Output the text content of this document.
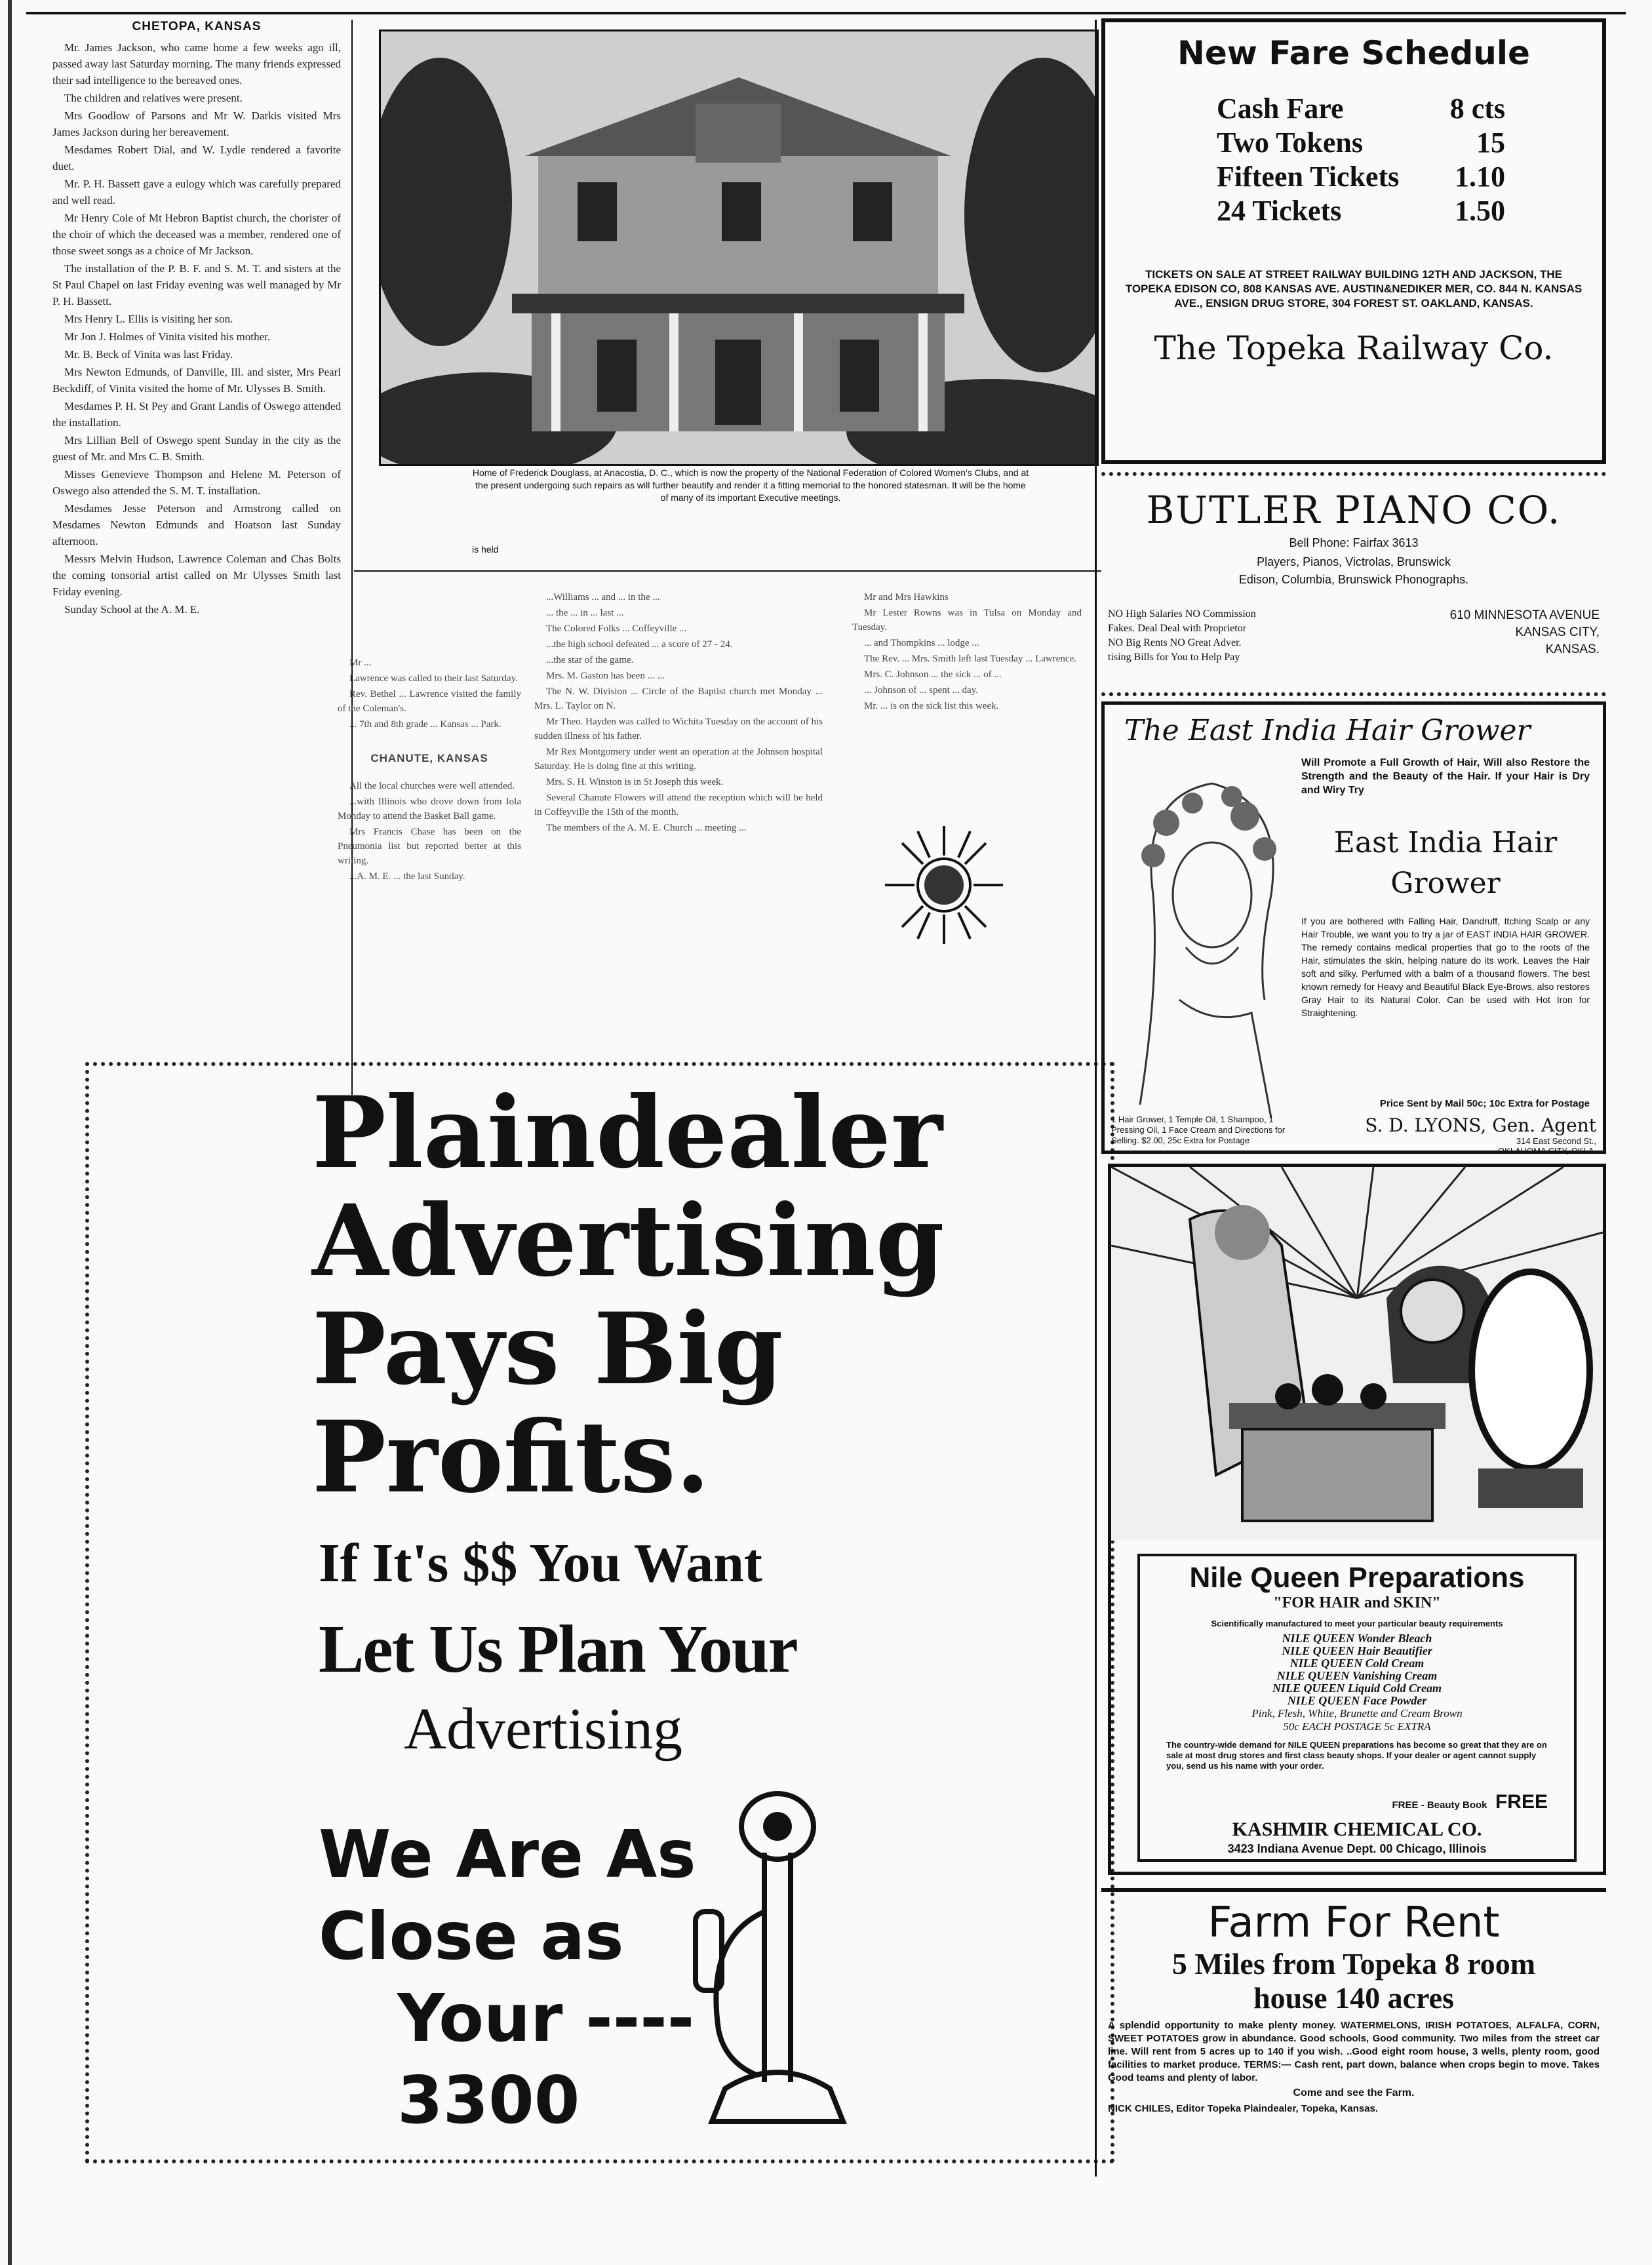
CHETOPA, KANSAS

Mr. James Jackson, who came home a few weeks ago ill, passed away last Saturday morning. The many friends expressed their sad intelligence to the bereaved ones.

The children and relatives were present.

Mrs Goodlow of Parsons and Mr W. Darkis visited Mrs James Jackson during her bereavement.

Mesdames Robert Dial, and W. Lydle rendered a favorite duet.

Mr. P. H. Bassett gave a eulogy which was carefully prepared and well read.

Mr Henry Cole of Mt Hebron Baptist church, the chorister of the choir of which the deceased was a member, rendered one of those sweet songs as a choice of Mr Jackson.

The installation of the P. B. F. and S. M. T. and sisters at the St Paul Chapel on last Friday evening was well managed by Mr P. H. Bassett.

Mrs Henry L. Ellis is visiting her son.

Mr Jon J. Holmes of Vinita visited his mother.

Mr. B. Beck of Vinita was last Friday.

Mrs Newton Edmunds, of Danville, Ill. and sister, Mrs Pearl Beckdiff, of Vinita visited the home of Mr. Ulysses B. Smith.

Mesdames P. H. St Pey and Grant Landis of Oswego attended the installation.

Mrs Lillian Bell of Oswego spent Sunday in the city as the guest of Mr. and Mrs C. B. Smith.

Misses Genevieve Thompson and Helene M. Peterson of Oswego also attended the S. M. T. installation.

Mesdames Jesse Peterson and Armstrong called on Mesdames Newton Edmunds and Hoatson last Sunday afternoon.

Messrs Melvin Hudson, Lawrence Coleman and Chas Bolts the coming tonsorial artist called on Mr Ulysses Smith last Friday evening.

Sunday School at the A. M. E.

Home of Frederick Douglass, at Anacostia, D. C., which is now the property of the National Federation of Colored Women's Clubs, and at the present undergoing such repairs as will further beautify and render it a fitting memorial to the honored statesman. It will be the home of many of its important Executive meetings.
is held

Mr ...

Lawrence was called to their last Saturday.

Rev. Bethel ... Lawrence visited the family of the Coleman's.

... 7th and 8th grade ... Kansas ... Park.

CHANUTE, KANSAS

All the local churches were well attended.

...with Illinois who drove down from Iola Monday to attend the Basket Ball game.

Mrs Francis Chase has been on the Pneumonia list but reported better at this writing.

...A. M. E. ... the last Sunday.

...Williams ... and ... in the ...

... the ... in ... last ...

The Colored Folks ... Coffeyville ...

...the high school defeated ... a score of 27 - 24.

...the star of the game.

Mrs. M. Gaston has been ... ...

The N. W. Division ... Circle of the Baptist church met Monday ... Mrs. L. Taylor on N.

Mr Theo. Hayden was called to Wichita Tuesday on the account of his sudden illness of his father.

Mr Rex Montgomery under went an operation at the Johnson hospital Saturday. He is doing fine at this writing.

Mrs. S. H. Winston is in St Joseph this week.

Several Chanute Flowers will attend the reception which will be held in Coffeyville the 15th of the month.

The members of the A. M. E. Church ... meeting ...

Mr and Mrs Hawkins

Mr Lester Rowns was in Tulsa on Monday and Tuesday.

... and Thompkins ... lodge ...

The Rev. ... Mrs. Smith left last Tuesday ... Lawrence.

Mrs. C. Johnson ... the sick ... of ...

... Johnson of ... spent ... day.

Mr. ... is on the sick list this week.

Plaindealer
Advertising
Pays Big
Profits.
If It's $$ You Want
Let Us Plan Your
Advertising
We Are As
Close as
Your ----
3300
New Fare Schedule
Cash Fare	8 cts
Two Tokens	15
Fifteen Tickets 1.10
24 Tickets	1.50
TICKETS ON SALE AT STREET RAILWAY BUILDING 12TH AND JACKSON, THE TOPEKA EDISON CO, 808 KANSAS AVE. AUSTIN&NEDIKER MER, CO. 844 N. KANSAS AVE., ENSIGN DRUG STORE, 304 FOREST ST. OAKLAND, KANSAS.
The Topeka Railway Co.
BUTLER PIANO CO.
Bell Phone: Fairfax 3613
Players, Pianos, Victrolas, Brunswick
Edison, Columbia, Brunswick Phonographs.
NO High Salaries NO Commission
Fakes. Deal Deal with Proprietor
NO Big Rents NO Great Adver.
tising Bills for You to Help Pay
610 MINNESOTA AVENUE
KANSAS CITY,
KANSAS.
The East India Hair Grower
Will Promote a Full Growth of Hair, Will also Restore the Strength and the Beauty of the Hair. If your Hair is Dry and Wiry Try
East India Hair
Grower
If you are bothered with Falling Hair, Dandruff, Itching Scalp or any Hair Trouble, we want you to try a jar of EAST INDIA HAIR GROWER. The remedy contains medical properties that go to the roots of the Hair, stimulates the skin, helping nature do its work. Leaves the Hair soft and silky. Perfumed with a balm of a thousand flowers. The best known remedy for Heavy and Beautiful Black Eye-Brows, also restores Gray Hair to its Natural Color. Can be used with Hot Iron for Straightening.
Price Sent by Mail 50c; 10c Extra for Postage
1 Hair Grower, 1 Temple Oil, 1 Shampoo, 1 Pressing Oil, 1 Face Cream and Directions for Selling. $2.00, 25c Extra for Postage
S. D. LYONS, Gen. Agent
314 East Second St.,
OKLAHOMA CITY, OKLA.
Nile Queen Preparations
"FOR HAIR and SKIN"
Scientifically manufactured to meet your particular beauty requirements
NILE QUEEN Wonder Bleach
NILE QUEEN Hair Beautifier
NILE QUEEN Cold Cream
NILE QUEEN Vanishing Cream
NILE QUEEN Liquid Cold Cream
NILE QUEEN Face Powder
Pink, Flesh, White, Brunette and Cream Brown
50c EACH POSTAGE 5c EXTRA
The country-wide demand for NILE QUEEN preparations has become so great that they are on sale at most drug stores and first class beauty shops. If your dealer or agent cannot supply you, send us his name with your order.
FREE - Beauty Book FREE
KASHMIR CHEMICAL CO.
3423 Indiana Avenue Dept. 00 Chicago, Illinois
Farm For Rent
5 Miles from Topeka 8 room
house 140 acres
A splendid opportunity to make plenty money. WATERMELONS, IRISH POTATOES, ALFALFA, CORN, SWEET POTATOES grow in abundance. Good schools, Good community. Two miles from the street car line. Will rent from 5 acres up to 140 if you wish. ..Good eight room house, 3 wells, plenty room, good facilities to market produce. TERMS:— Cash rent, part down, balance when crops begin to move. Takes Good teams and plenty of labor.
Come and see the Farm.
NICK CHILES, Editor Topeka Plaindealer, Topeka, Kansas.
